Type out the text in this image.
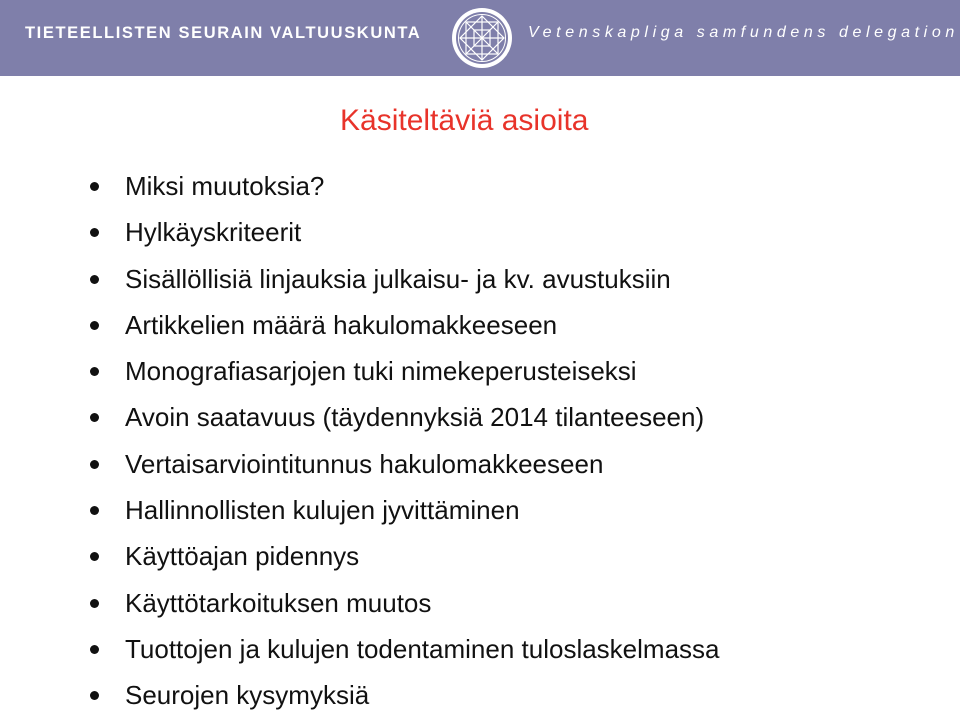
TIETEELLISTEN SEURAIN VALTUUSKUNTA	Vetenskapliga samfundens delegation
Käsiteltäviä asioita
Miksi muutoksia?
Hylkäyskriteerit
Sisällöllisiä linjauksia julkaisu- ja kv. avustuksiin
Artikkelien määrä hakulomakkeeseen
Monografiasarjojen tuki nimekeperusteiseksi
Avoin saatavuus (täydennyksiä 2014 tilanteeseen)
Vertaisarviointitunnus hakulomakkeeseen
Hallinnollisten kulujen jyvittäminen
Käyttöajan pidennys
Käyttötarkoituksen muutos
Tuottojen ja kulujen todentaminen tuloslaskelmassa
Seurojen kysymyksiä
